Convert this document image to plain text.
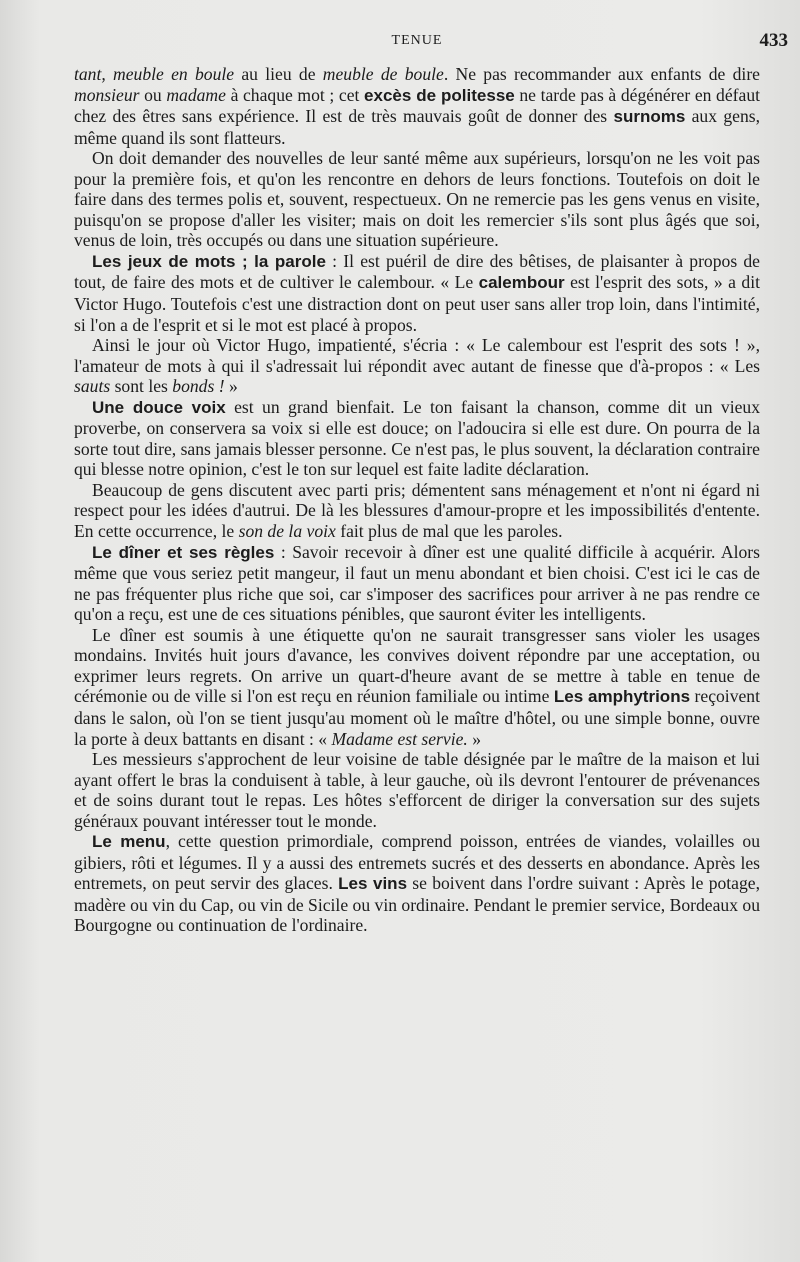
TENUE	433

tant, meuble en boule au lieu de meuble de boule. Ne pas recommander aux enfants de dire monsieur ou madame à chaque mot ; cet excès de politesse ne tarde pas à dégénérer en défaut chez des êtres sans expérience. Il est de très mauvais goût de donner des surnoms aux gens, même quand ils sont flatteurs.

On doit demander des nouvelles de leur santé même aux supérieurs, lorsqu'on ne les voit pas pour la première fois, et qu'on les rencontre en dehors de leurs fonctions. Toutefois on doit le faire dans des termes polis et, souvent, respectueux. On ne remercie pas les gens venus en visite, puisqu'on se propose d'aller les visiter; mais on doit les remercier s'ils sont plus âgés que soi, venus de loin, très occupés ou dans une situation supérieure.

Les jeux de mots ; la parole : Il est puéril de dire des bêtises, de plaisanter à propos de tout, de faire des mots et de cultiver le calembour. « Le calembour est l'esprit des sots, » a dit Victor Hugo. Toutefois c'est une distraction dont on peut user sans aller trop loin, dans l'intimité, si l'on a de l'esprit et si le mot est placé à propos.

Ainsi le jour où Victor Hugo, impatienté, s'écria : « Le calembour est l'esprit des sots ! », l'amateur de mots à qui il s'adressait lui répondit avec autant de finesse que d'à-propos : « Les sauts sont les bonds ! »

Une douce voix est un grand bienfait. Le ton faisant la chanson, comme dit un vieux proverbe, on conservera sa voix si elle est douce; on l'adoucira si elle est dure. On pourra de la sorte tout dire, sans jamais blesser personne. Ce n'est pas, le plus souvent, la déclaration contraire qui blesse notre opinion, c'est le ton sur lequel est faite ladite déclaration.

Beaucoup de gens discutent avec parti pris; démentent sans ménagement et n'ont ni égard ni respect pour les idées d'autrui. De là les blessures d'amour-propre et les impossibilités d'entente. En cette occurrence, le son de la voix fait plus de mal que les paroles.

Le dîner et ses règles : Savoir recevoir à dîner est une qualité difficile à acquérir. Alors même que vous seriez petit mangeur, il faut un menu abondant et bien choisi. C'est ici le cas de ne pas fréquenter plus riche que soi, car s'imposer des sacrifices pour arriver à ne pas rendre ce qu'on a reçu, est une de ces situations pénibles, que sauront éviter les intelligents.

Le dîner est soumis à une étiquette qu'on ne saurait transgresser sans violer les usages mondains. Invités huit jours d'avance, les convives doivent répondre par une acceptation, ou exprimer leurs regrets. On arrive un quart-d'heure avant de se mettre à table en tenue de cérémonie ou de ville si l'on est reçu en réunion familiale ou intime Les amphytrions reçoivent dans le salon, où l'on se tient jusqu'au moment où le maître d'hôtel, ou une simple bonne, ouvre la porte à deux battants en disant : « Madame est servie. »

Les messieurs s'approchent de leur voisine de table désignée par le maître de la maison et lui ayant offert le bras la conduisent à table, à leur gauche, où ils devront l'entourer de prévenances et de soins durant tout le repas. Les hôtes s'efforcent de diriger la conversation sur des sujets généraux pouvant intéresser tout le monde.

Le menu, cette question primordiale, comprend poisson, entrées de viandes, volailles ou gibiers, rôti et légumes. Il y a aussi des entremets sucrés et des desserts en abondance. Après les entremets, on peut servir des glaces. Les vins se boivent dans l'ordre suivant : Après le potage, madère ou vin du Cap, ou vin de Sicile ou vin ordinaire. Pendant le premier service, Bordeaux ou Bourgogne ou continuation de l'ordinaire.
